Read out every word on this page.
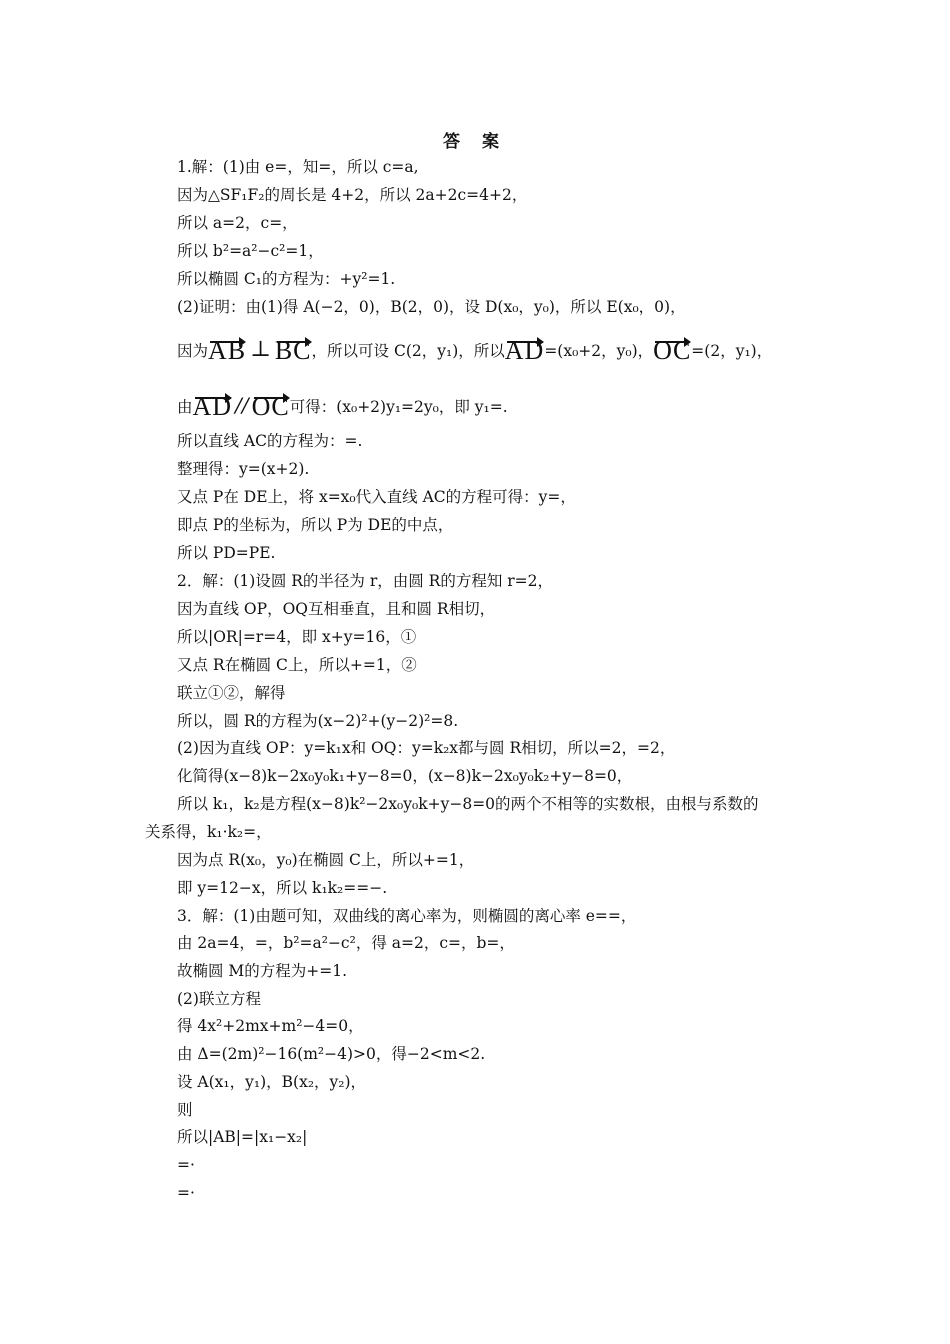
答 案
1.解：(1)由 e=，知=，所以 c=a,
因为△SF₁F₂的周长是 4+2，所以 2a+2c=4+2，
所以 a=2，c=，
所以 b²=a²−c²=1，
所以椭圆 C₁的方程为：+y²=1.
(2)证明：由(1)得 A(−2，0)，B(2，0)，设 D(x₀，y₀)，所以 E(x₀，0)，
因为AB ⊥ BC，所以可设 C(2，y₁)，所以AD=(x₀+2，y₀)，OC=(2，y₁)，
由AD // OC可得：(x₀+2)y₁=2y₀，即 y₁=.
所以直线 AC的方程为：=.
整理得：y=(x+2).
又点 P在 DE上，将 x=x₀代入直线 AC的方程可得：y=，
即点 P的坐标为，所以 P为 DE的中点，
所以 PD=PE.
2．解：(1)设圆 R的半径为 r，由圆 R的方程知 r=2，
因为直线 OP，OQ互相垂直，且和圆 R相切，
所以|OR|=r=4，即 x+y=16，①
又点 R在椭圆 C上，所以+=1，②
联立①②，解得
所以，圆 R的方程为(x−2)²+(y−2)²=8.
(2)因为直线 OP：y=k₁x和 OQ：y=k₂x都与圆 R相切，所以=2，=2，
化简得(x−8)k−2x₀y₀k₁+y−8=0，(x−8)k−2x₀y₀k₂+y−8=0，
所以 k₁，k₂是方程(x−8)k²−2x₀y₀k+y−8=0的两个不相等的实数根，由根与系数的
关系得，k₁·k₂=，
因为点 R(x₀，y₀)在椭圆 C上，所以+=1，
即 y=12−x，所以 k₁k₂==−.
3．解：(1)由题可知，双曲线的离心率为，则椭圆的离心率 e==，
由 2a=4，=，b²=a²−c²，得 a=2，c=，b=，
故椭圆 M的方程为+=1.
(2)联立方程
得 4x²+2mx+m²−4=0，
由 Δ=(2m)²−16(m²−4)>0，得−2<m<2.
设 A(x₁，y₁)，B(x₂，y₂)，
则
所以|AB|=|x₁−x₂|
=·
=·
